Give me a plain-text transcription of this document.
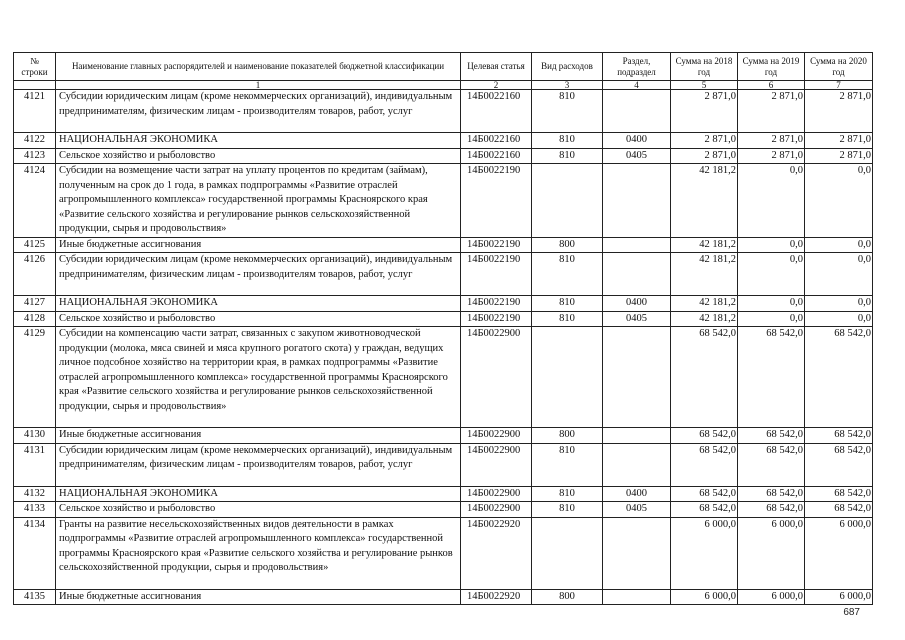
№ строки	Наименование главных распорядителей и наименование показателей бюджетной классификации	Целевая статья	Вид расходов	Раздел, подраздел	Сумма на 2018 год	Сумма на 2019 год	Сумма на 2020 год
	1	2	3	4	5	6	7
4121	Субсидии юридическим лицам (кроме некоммерческих организаций), индивидуальным предпринимателям, физическим лицам - производителям товаров, работ, услуг	14Б0022160	810		2 871,0	2 871,0	2 871,0
4122	НАЦИОНАЛЬНАЯ ЭКОНОМИКА	14Б0022160	810	0400	2 871,0	2 871,0	2 871,0
4123	Сельское хозяйство и рыболовство	14Б0022160	810	0405	2 871,0	2 871,0	2 871,0
4124	Субсидии на возмещение части затрат на уплату процентов по кредитам (займам), полученным на срок до 1 года, в рамках подпрограммы «Развитие отраслей агропромышленного комплекса» государственной программы Красноярского края «Развитие сельского хозяйства и регулирование рынков сельскохозяйственной продукции, сырья и продовольствия»	14Б0022190			42 181,2	0,0	0,0
4125	Иные бюджетные ассигнования	14Б0022190	800		42 181,2	0,0	0,0
4126	Субсидии юридическим лицам (кроме некоммерческих организаций), индивидуальным предпринимателям, физическим лицам - производителям товаров, работ, услуг	14Б0022190	810		42 181,2	0,0	0,0
4127	НАЦИОНАЛЬНАЯ ЭКОНОМИКА	14Б0022190	810	0400	42 181,2	0,0	0,0
4128	Сельское хозяйство и рыболовство	14Б0022190	810	0405	42 181,2	0,0	0,0
4129	Субсидии на компенсацию части затрат, связанных с закупом животноводческой продукции (молока, мяса свиней и мяса крупного рогатого скота) у граждан, ведущих личное подсобное хозяйство на территории края, в рамках подпрограммы «Развитие отраслей агропромышленного комплекса» государственной программы Красноярского края «Развитие сельского хозяйства и регулирование рынков сельскохозяйственной продукции, сырья и продовольствия»	14Б0022900			68 542,0	68 542,0	68 542,0
4130	Иные бюджетные ассигнования	14Б0022900	800		68 542,0	68 542,0	68 542,0
4131	Субсидии юридическим лицам (кроме некоммерческих организаций), индивидуальным предпринимателям, физическим лицам - производителям товаров, работ, услуг	14Б0022900	810		68 542,0	68 542,0	68 542,0
4132	НАЦИОНАЛЬНАЯ ЭКОНОМИКА	14Б0022900	810	0400	68 542,0	68 542,0	68 542,0
4133	Сельское хозяйство и рыболовство	14Б0022900	810	0405	68 542,0	68 542,0	68 542,0
4134	Гранты на развитие несельскохозяйственных видов деятельности в рамках подпрограммы «Развитие отраслей агропромышленного комплекса» государственной программы Красноярского края «Развитие сельского хозяйства и регулирование рынков сельскохозяйственной продукции, сырья и продовольствия»	14Б0022920			6 000,0	6 000,0	6 000,0
4135	Иные бюджетные ассигнования	14Б0022920	800		6 000,0	6 000,0	6 000,0
687
